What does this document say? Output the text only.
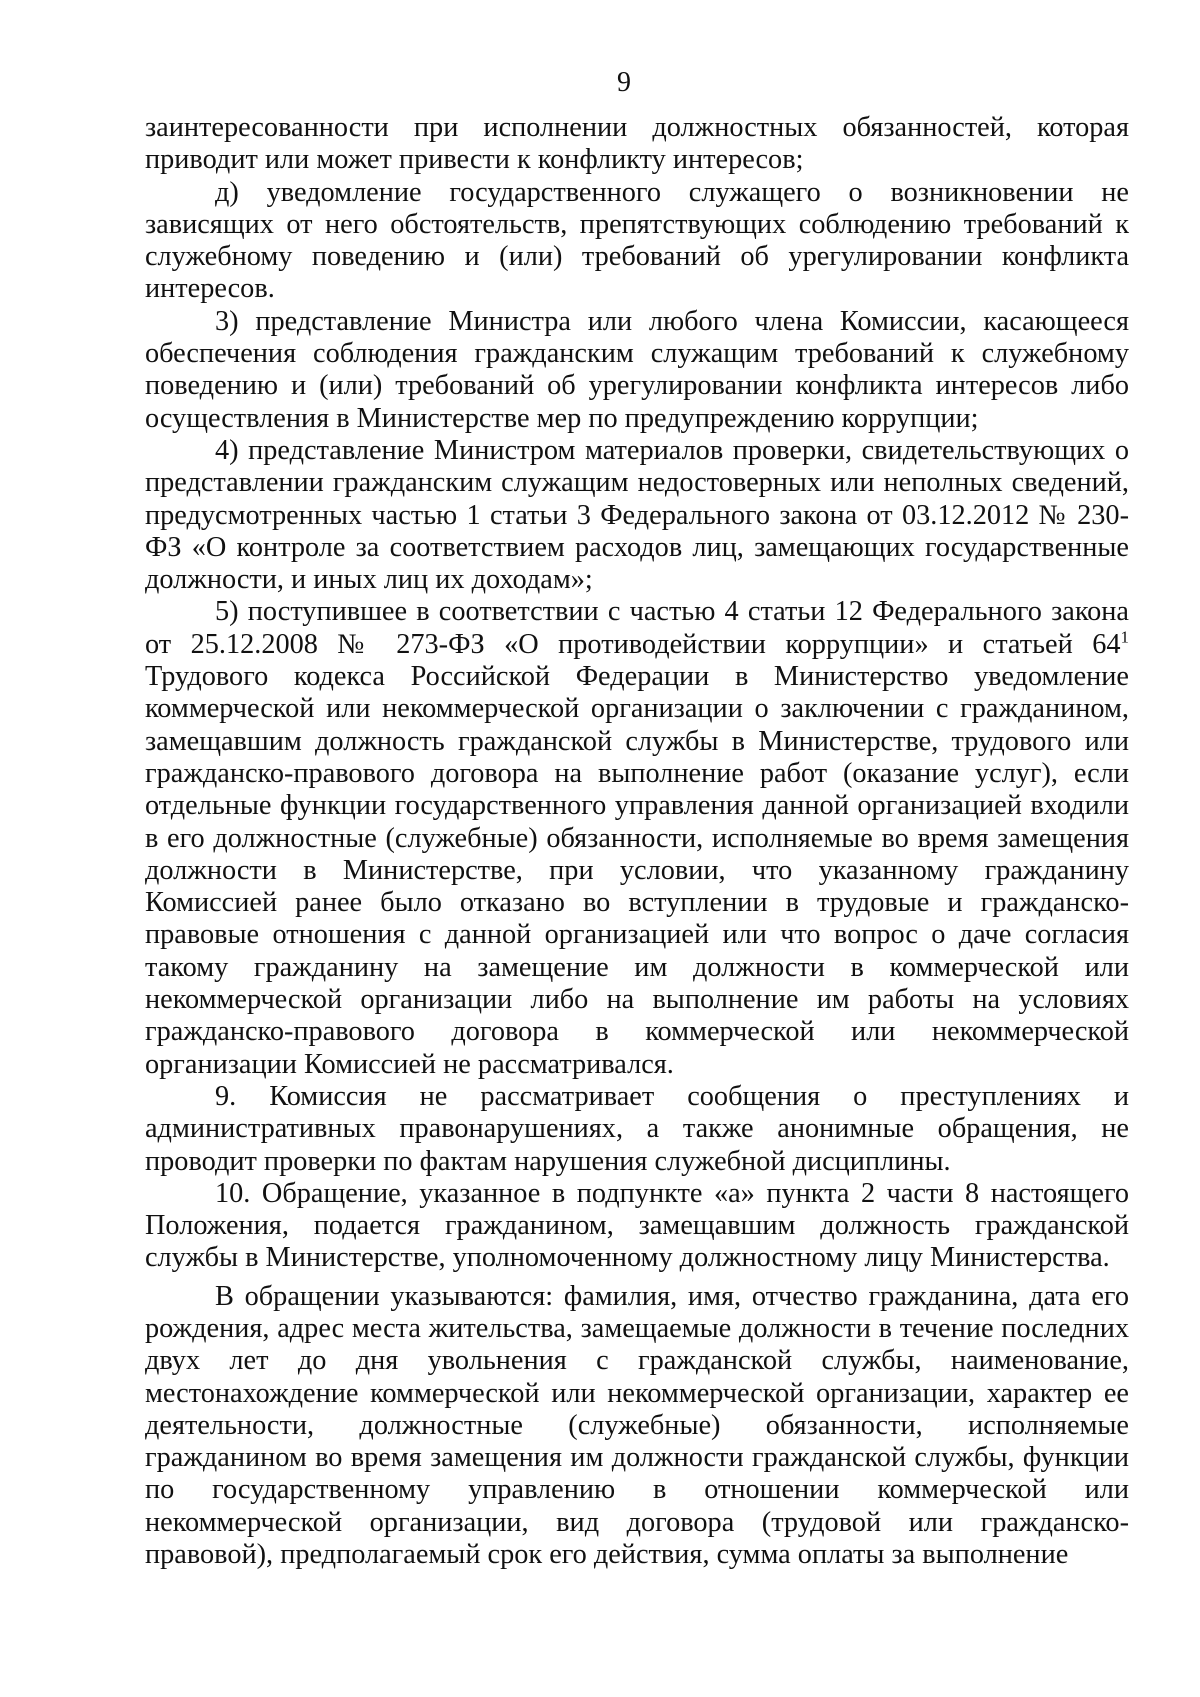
9

заинтересованности при исполнении должностных обязанностей, которая приводит или может привести к конфликту интересов;

д) уведомление государственного служащего о возникновении не зависящих от него обстоятельств, препятствующих соблюдению требований к служебному поведению и (или) требований об урегулировании конфликта интересов.

3) представление Министра или любого члена Комиссии, касающееся обеспечения соблюдения гражданским служащим требований к служебному поведению и (или) требований об урегулировании конфликта интересов либо осуществления в Министерстве мер по предупреждению коррупции;

4) представление Министром материалов проверки, свидетельствующих о представлении гражданским служащим недостоверных или неполных сведений, предусмотренных частью 1 статьи 3 Федерального закона от 03.12.2012 № 230-ФЗ «О контроле за соответствием расходов лиц, замещающих государственные должности, и иных лиц их доходам»;

5) поступившее в соответствии с частью 4 статьи 12 Федерального закона от 25.12.2008 № 273-ФЗ «О противодействии коррупции» и статьей $64^1$ Трудового кодекса Российской Федерации в Министерство уведомление коммерческой или некоммерческой организации о заключении с гражданином, замещавшим должность гражданской службы в Министерстве, трудового или гражданско-правового договора на выполнение работ (оказание услуг), если отдельные функции государственного управления данной организацией входили в его должностные (служебные) обязанности, исполняемые во время замещения должности в Министерстве, при условии, что указанному гражданину Комиссией ранее было отказано во вступлении в трудовые и гражданско-правовые отношения с данной организацией или что вопрос о даче согласия такому гражданину на замещение им должности в коммерческой или некоммерческой организации либо на выполнение им работы на условиях гражданско-правового договора в коммерческой или некоммерческой организации Комиссией не рассматривался.

9. Комиссия не рассматривает сообщения о преступлениях и административных правонарушениях, а также анонимные обращения, не проводит проверки по фактам нарушения служебной дисциплины.

10. Обращение, указанное в подпункте «а» пункта 2 части 8 настоящего Положения, подается гражданином, замещавшим должность гражданской службы в Министерстве, уполномоченному должностному лицу Министерства.

В обращении указываются: фамилия, имя, отчество гражданина, дата его рождения, адрес места жительства, замещаемые должности в течение последних двух лет до дня увольнения с гражданской службы, наименование, местонахождение коммерческой или некоммерческой организации, характер ее деятельности, должностные (служебные) обязанности, исполняемые гражданином во время замещения им должности гражданской службы, функции по государственному управлению в отношении коммерческой или некоммерческой организации, вид договора (трудовой или гражданско-правовой), предполагаемый срок его действия, сумма оплаты за выполнение
